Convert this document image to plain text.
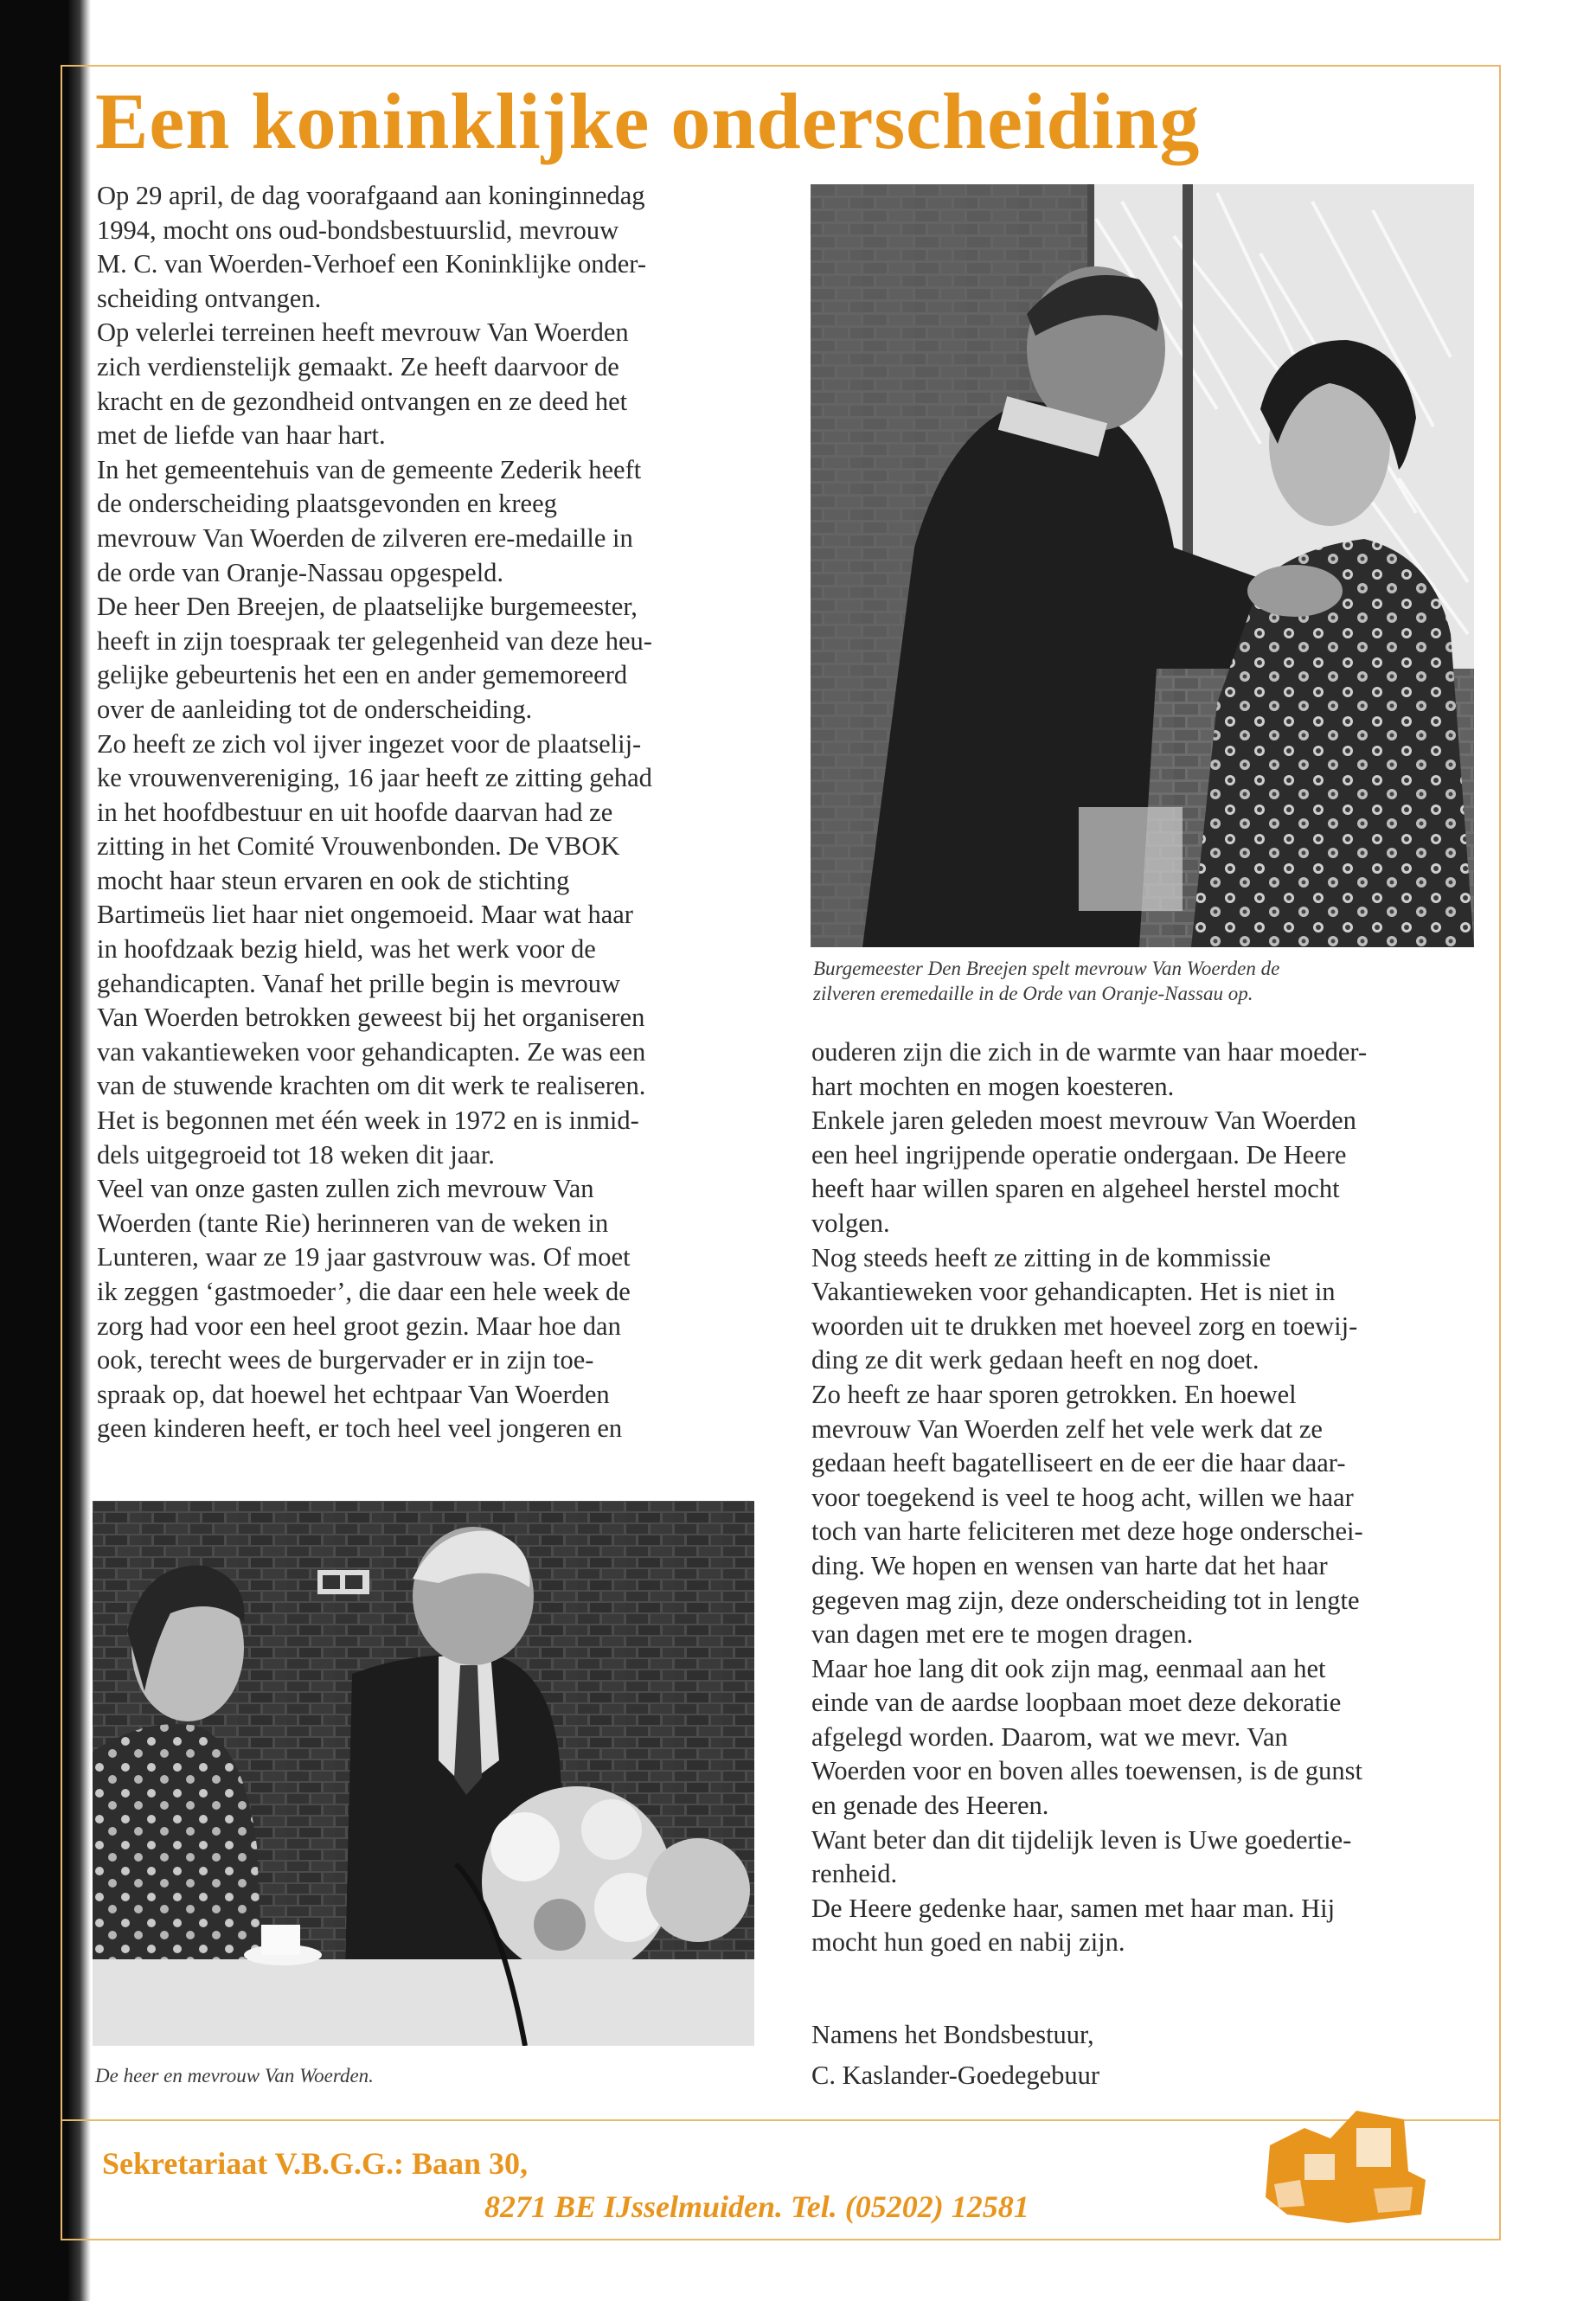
Een koninklijke onderscheiding
Op 29 april, de dag voorafgaand aan koninginnedag
1994, mocht ons oud-bondsbestuurslid, mevrouw
M. C. van Woerden-Verhoef een Koninklijke onder-
scheiding ontvangen.
Op velerlei terreinen heeft mevrouw Van Woerden
zich verdienstelijk gemaakt. Ze heeft daarvoor de
kracht en de gezondheid ontvangen en ze deed het
met de liefde van haar hart.
In het gemeentehuis van de gemeente Zederik heeft
de onderscheiding plaatsgevonden en kreeg
mevrouw Van Woerden de zilveren ere-medaille in
de orde van Oranje-Nassau opgespeld.
De heer Den Breejen, de plaatselijke burgemeester,
heeft in zijn toespraak ter gelegenheid van deze heu-
gelijke gebeurtenis het een en ander gememoreerd
over de aanleiding tot de onderscheiding.
Zo heeft ze zich vol ijver ingezet voor de plaatselij-
ke vrouwenvereniging, 16 jaar heeft ze zitting gehad
in het hoofdbestuur en uit hoofde daarvan had ze
zitting in het Comité Vrouwenbonden. De VBOK
mocht haar steun ervaren en ook de stichting
Bartimeüs liet haar niet ongemoeid. Maar wat haar
in hoofdzaak bezig hield, was het werk voor de
gehandicapten. Vanaf het prille begin is mevrouw
Van Woerden betrokken geweest bij het organiseren
van vakantieweken voor gehandicapten. Ze was een
van de stuwende krachten om dit werk te realiseren.
Het is begonnen met één week in 1972 en is inmid-
dels uitgegroeid tot 18 weken dit jaar.
Veel van onze gasten zullen zich mevrouw Van
Woerden (tante Rie) herinneren van de weken in
Lunteren, waar ze 19 jaar gastvrouw was. Of moet
ik zeggen ‘gastmoeder’, die daar een hele week de
zorg had voor een heel groot gezin. Maar hoe dan
ook, terecht wees de burgervader er in zijn toe-
spraak op, dat hoewel het echtpaar Van Woerden
geen kinderen heeft, er toch heel veel jongeren en
Burgemeester Den Breejen spelt mevrouw Van Woerden de
zilveren eremedaille in de Orde van Oranje-Nassau op.
ouderen zijn die zich in de warmte van haar moeder-
hart mochten en mogen koesteren.
Enkele jaren geleden moest mevrouw Van Woerden
een heel ingrijpende operatie ondergaan. De Heere
heeft haar willen sparen en algeheel herstel mocht
volgen.
Nog steeds heeft ze zitting in de kommissie
Vakantieweken voor gehandicapten. Het is niet in
woorden uit te drukken met hoeveel zorg en toewij-
ding ze dit werk gedaan heeft en nog doet.
Zo heeft ze haar sporen getrokken. En hoewel
mevrouw Van Woerden zelf het vele werk dat ze
gedaan heeft bagatelliseert en de eer die haar daar-
voor toegekend is veel te hoog acht, willen we haar
toch van harte feliciteren met deze hoge onderschei-
ding. We hopen en wensen van harte dat het haar
gegeven mag zijn, deze onderscheiding tot in lengte
van dagen met ere te mogen dragen.
Maar hoe lang dit ook zijn mag, eenmaal aan het
einde van de aardse loopbaan moet deze dekoratie
afgelegd worden. Daarom, wat we mevr. Van
Woerden voor en boven alles toewensen, is de gunst
en genade des Heeren.
Want beter dan dit tijdelijk leven is Uwe goedertie-
renheid.
De Heere gedenke haar, samen met haar man. Hij
mocht hun goed en nabij zijn.
De heer en mevrouw Van Woerden.
Namens het Bondsbestuur,
C. Kaslander-Goedegebuur
Sekretariaat V.B.G.G.: Baan 30,
8271 BE IJsselmuiden. Tel. (05202) 12581
